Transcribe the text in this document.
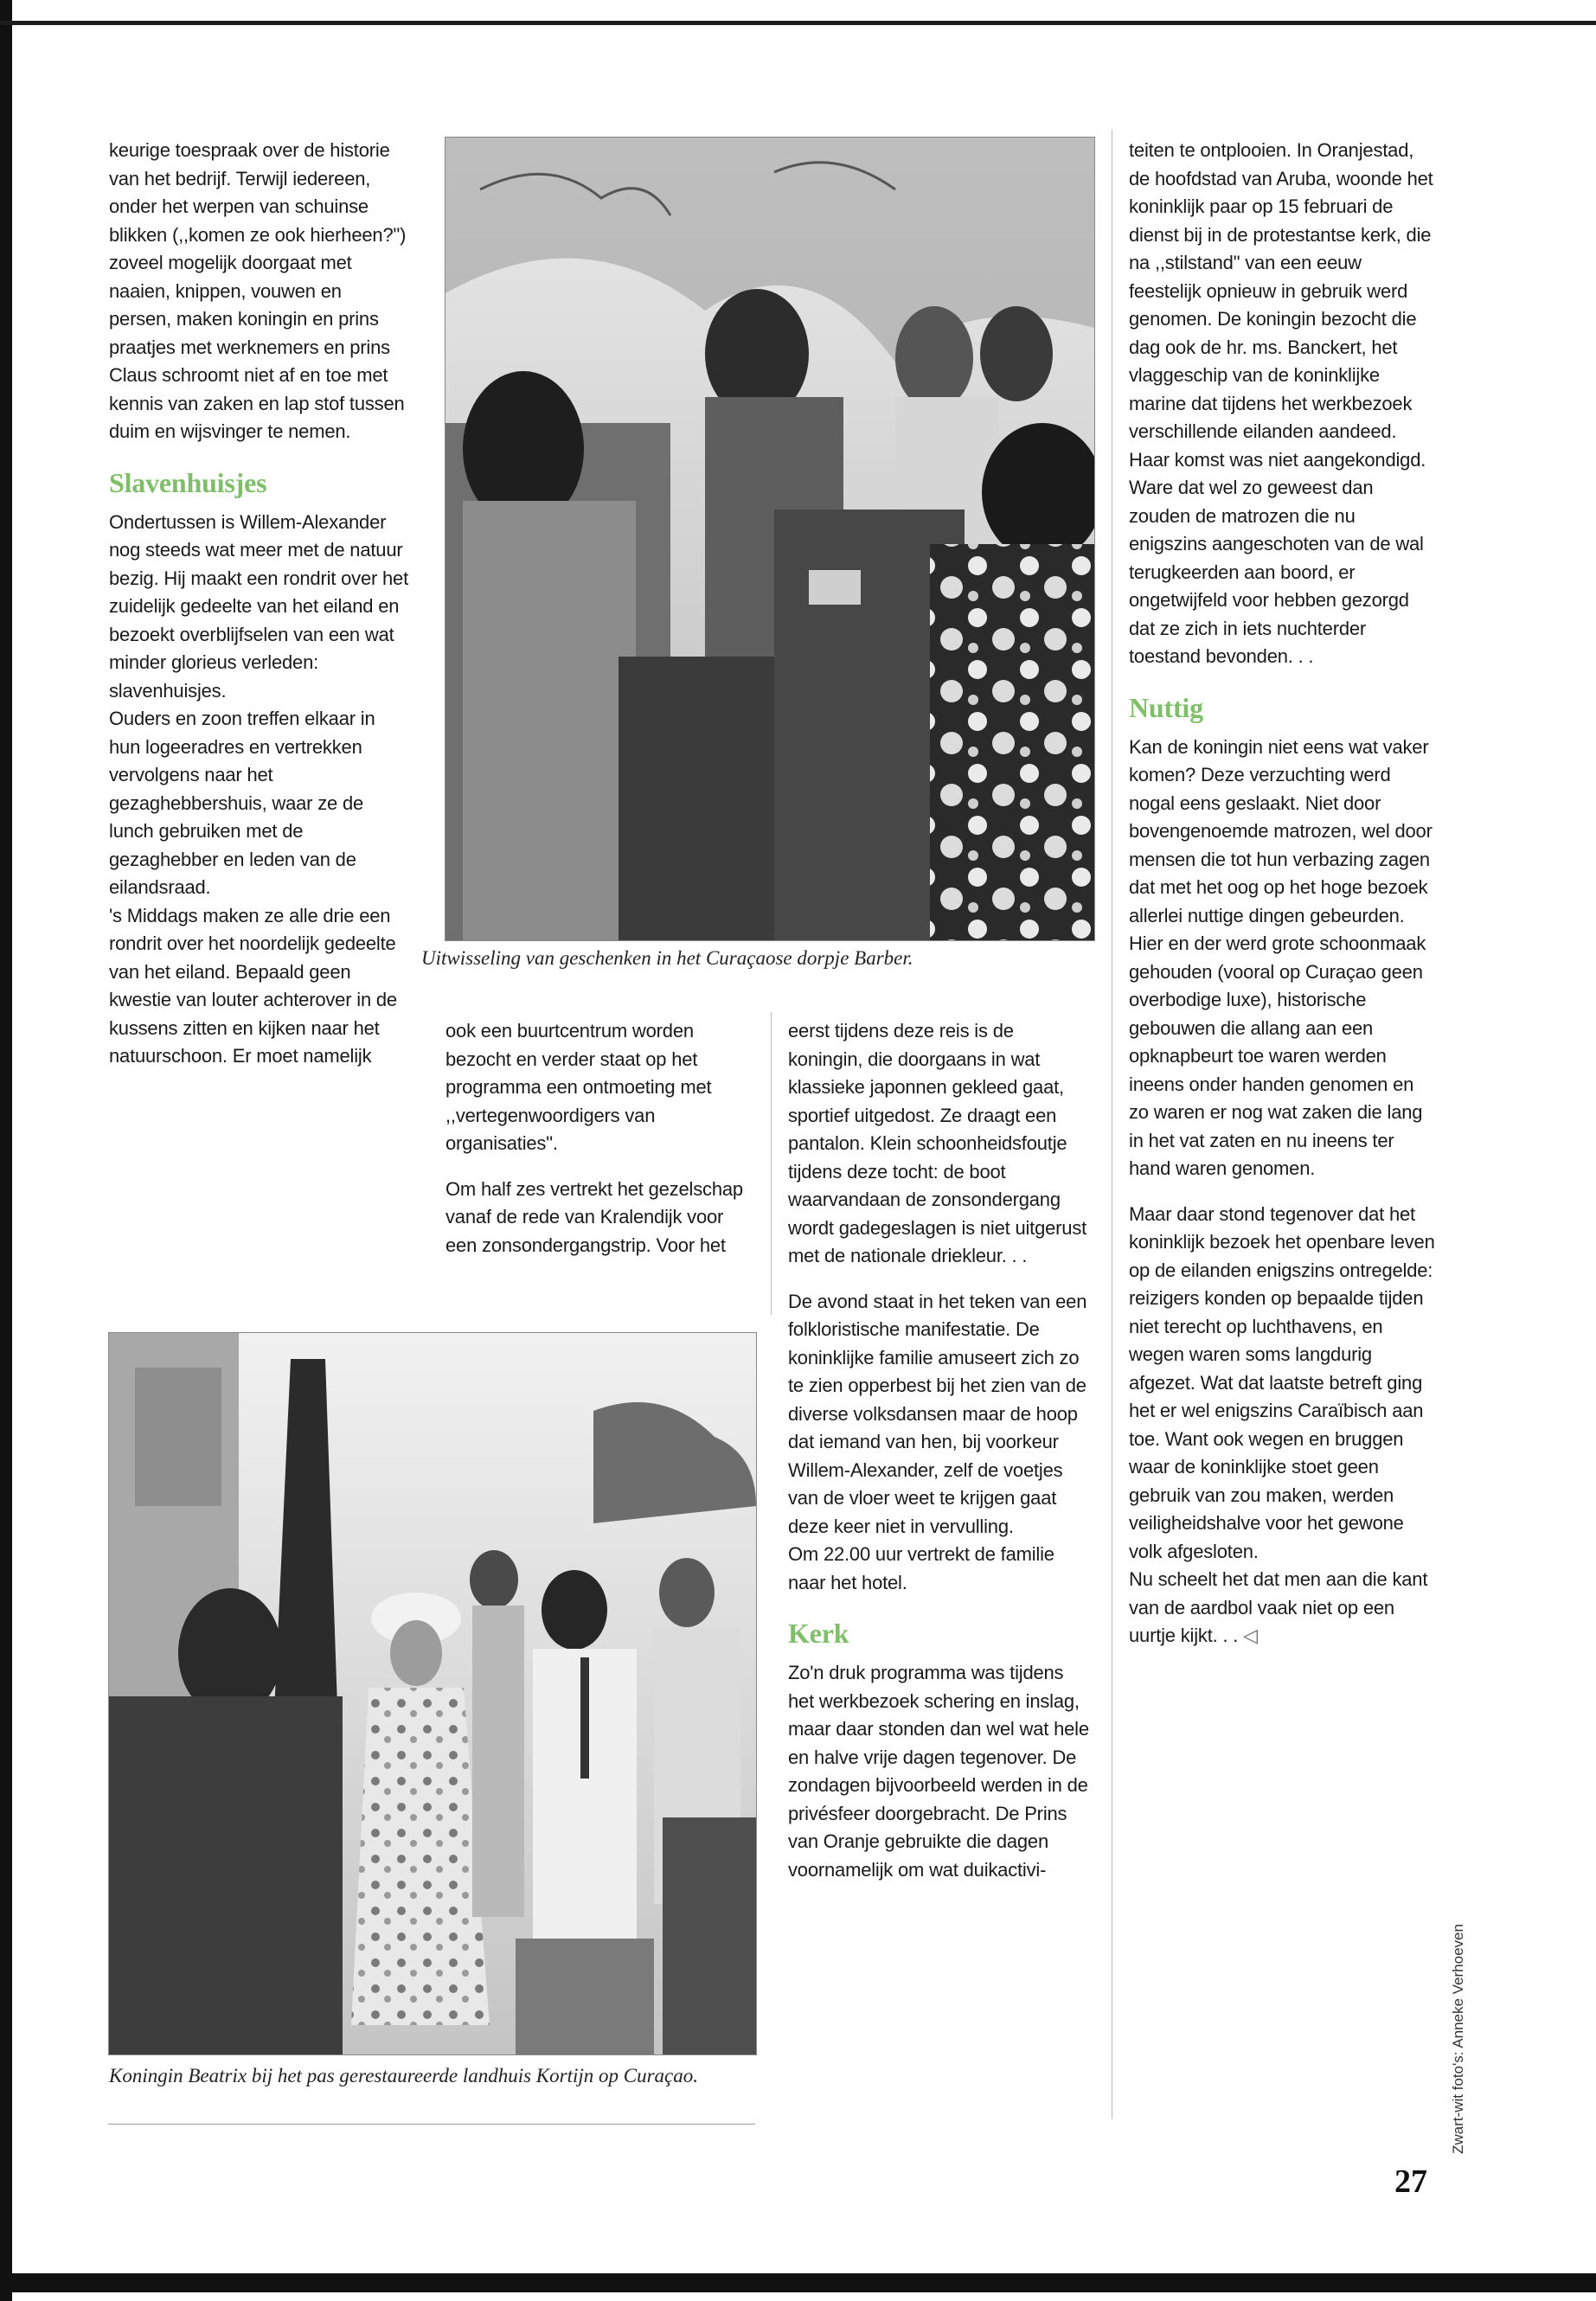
keurige toespraak over de historie van het bedrijf. Terwijl iedereen, onder het werpen van schuinse blikken (,,komen ze ook hierheen?") zoveel mogelijk doorgaat met naaien, knippen, vouwen en persen, maken koningin en prins praatjes met werknemers en prins Claus schroomt niet af en toe met kennis van zaken en lap stof tussen duim en wijsvinger te nemen.

Slavenhuisjes

Ondertussen is Willem-Alexander nog steeds wat meer met de natuur bezig. Hij maakt een rondrit over het zuidelijk gedeelte van het eiland en bezoekt overblijfselen van een wat minder glorieus verleden: slavenhuisjes.

Ouders en zoon treffen elkaar in hun logeeradres en vertrekken vervolgens naar het gezaghebbershuis, waar ze de lunch gebruiken met de gezaghebber en leden van de eilandsraad.

's Middags maken ze alle drie een rondrit over het noordelijk gedeelte van het eiland. Bepaald geen kwestie van louter achterover in de kussens zitten en kijken naar het natuurschoon. Er moet namelijk

Uitwisseling van geschenken in het Curaçaose dorpje Barber.

ook een buurtcentrum worden bezocht en verder staat op het programma een ontmoeting met ,,vertegenwoordigers van organisaties".

Om half zes vertrekt het gezelschap vanaf de rede van Kralendijk voor een zonsondergangstrip. Voor het

eerst tijdens deze reis is de koningin, die doorgaans in wat klassieke japonnen gekleed gaat, sportief uitgedost. Ze draagt een pantalon. Klein schoonheidsfoutje tijdens deze tocht: de boot waarvandaan de zonsondergang wordt gadegeslagen is niet uitgerust met de nationale driekleur. . .

De avond staat in het teken van een folkloristische manifestatie. De koninklijke familie amuseert zich zo te zien opperbest bij het zien van de diverse volksdansen maar de hoop dat iemand van hen, bij voorkeur Willem-Alexander, zelf de voetjes van de vloer weet te krijgen gaat deze keer niet in vervulling.

Om 22.00 uur vertrekt de familie naar het hotel.

Kerk

Zo'n druk programma was tijdens het werkbezoek schering en inslag, maar daar stonden dan wel wat hele en halve vrije dagen tegenover. De zondagen bijvoorbeeld werden in de privésfeer doorgebracht. De Prins van Oranje gebruikte die dagen voornamelijk om wat duikactivi-

Koningin Beatrix bij het pas gerestaureerde landhuis Kortijn op Curaçao.

teiten te ontplooien. In Oranjestad, de hoofdstad van Aruba, woonde het koninklijk paar op 15 februari de dienst bij in de protestantse kerk, die na ,,stilstand" van een eeuw feestelijk opnieuw in gebruik werd genomen. De koningin bezocht die dag ook de hr. ms. Banckert, het vlaggeschip van de koninklijke marine dat tijdens het werkbezoek verschillende eilanden aandeed. Haar komst was niet aangekondigd. Ware dat wel zo geweest dan zouden de matrozen die nu enigszins aangeschoten van de wal terugkeerden aan boord, er ongetwijfeld voor hebben gezorgd dat ze zich in iets nuchterder toestand bevonden. . .

Nuttig

Kan de koningin niet eens wat vaker komen? Deze verzuchting werd nogal eens geslaakt. Niet door bovengenoemde matrozen, wel door mensen die tot hun verbazing zagen dat met het oog op het hoge bezoek allerlei nuttige dingen gebeurden. Hier en der werd grote schoonmaak gehouden (vooral op Curaçao geen overbodige luxe), historische gebouwen die allang aan een opknapbeurt toe waren werden ineens onder handen genomen en zo waren er nog wat zaken die lang in het vat zaten en nu ineens ter hand waren genomen.

Maar daar stond tegenover dat het koninklijk bezoek het openbare leven op de eilanden enigszins ontregelde: reizigers konden op bepaalde tijden niet terecht op luchthavens, en wegen waren soms langdurig afgezet. Wat dat laatste betreft ging het er wel enigszins Caraïbisch aan toe. Want ook wegen en bruggen waar de koninklijke stoet geen gebruik van zou maken, werden veiligheidshalve voor het gewone volk afgesloten.

Nu scheelt het dat men aan die kant van de aardbol vaak niet op een uurtje kijkt. . . ◁

Zwart-wit foto's: Anneke Verhoeven
27
